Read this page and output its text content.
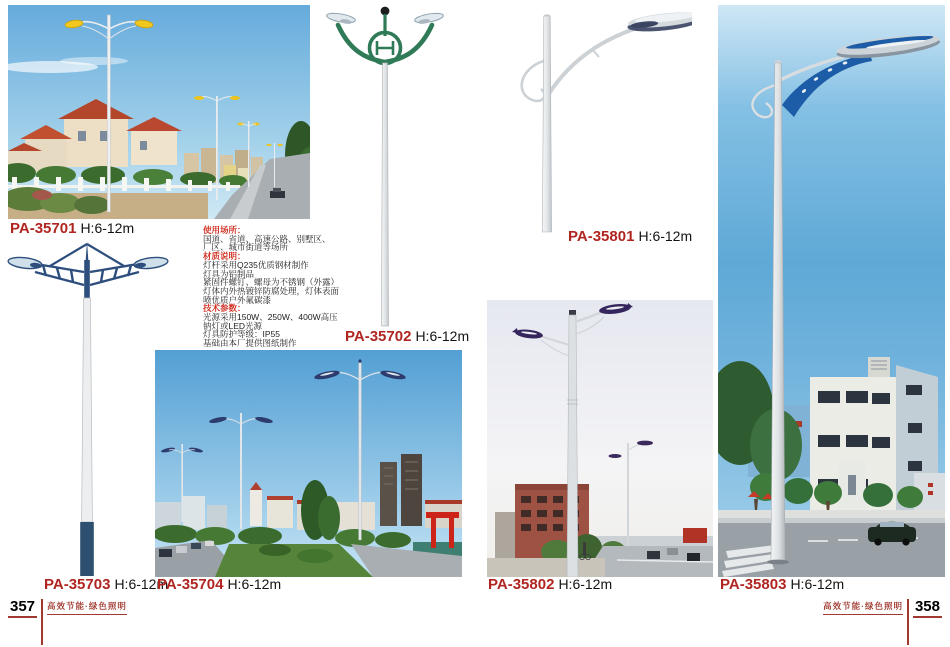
PA-35701 H:6-12m
PA-35702 H:6-12m
PA-35703 H:6-12m
PA-35704 H:6-12m
PA-35801 H:6-12m
PA-35802 H:6-12m	PA-35803 H:6-12m
使用场所：
国道、省道、高速公路、别墅区、
厂区、城市街道等场所
材质说明：
灯杆采用Q235优质钢材制作
灯具为铝制品
紧固件螺钉、螺母为不锈钢（外露）
灯体内外热镀锌防腐处理，灯体表面
喷优质户外氟碳漆
技术参数：
光源采用150W、250W、400W高压
钠灯或LED光源
灯具防护等级：IP55
基础由本厂提供图纸制作
357 高效节能·绿色照明	高效节能·绿色照明 358
